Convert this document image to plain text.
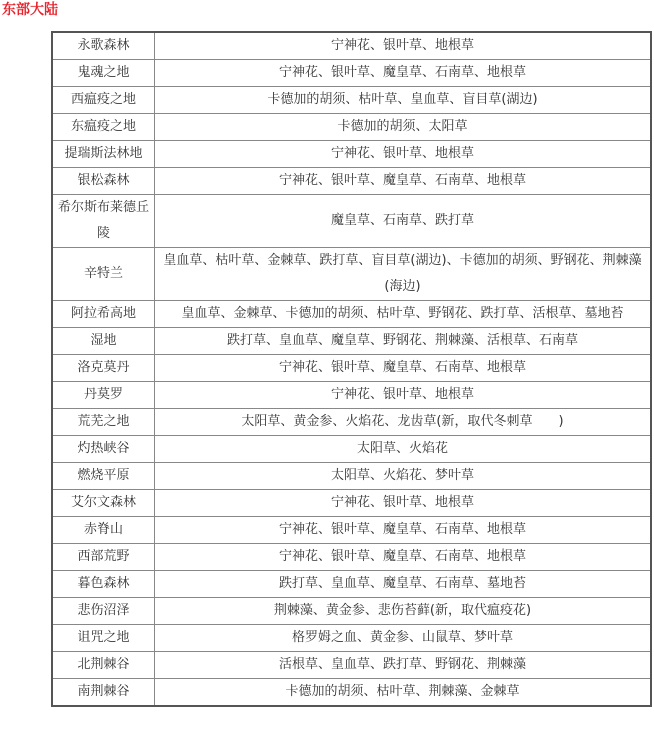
东部大陆
永歌森林	宁神花、银叶草、地根草
鬼魂之地	宁神花、银叶草、魔皇草、石南草、地根草
西瘟疫之地	卡德加的胡须、枯叶草、皇血草、盲目草(湖边)
东瘟疫之地	卡德加的胡须、太阳草
提瑞斯法林地	宁神花、银叶草、地根草
银松森林	宁神花、银叶草、魔皇草、石南草、地根草
希尔斯布莱德丘陵	魔皇草、石南草、跌打草
辛特兰	皇血草、枯叶草、金棘草、跌打草、盲目草(湖边)、卡德加的胡须、野钢花、荆棘藻(海边)
阿拉希高地	皇血草、金棘草、卡德加的胡须、枯叶草、野钢花、跌打草、活根草、墓地苔
湿地	跌打草、皇血草、魔皇草、野钢花、荆棘藻、活根草、石南草
洛克莫丹	宁神花、银叶草、魔皇草、石南草、地根草
丹莫罗	宁神花、银叶草、地根草
荒芜之地	太阳草、黄金参、火焰花、龙齿草(新，取代冬刺草　　)
灼热峡谷	太阳草、火焰花
燃烧平原	太阳草、火焰花、梦叶草
艾尔文森林	宁神花、银叶草、地根草
赤脊山	宁神花、银叶草、魔皇草、石南草、地根草
西部荒野	宁神花、银叶草、魔皇草、石南草、地根草
暮色森林	跌打草、皇血草、魔皇草、石南草、墓地苔
悲伤沼泽	荆棘藻、黄金参、悲伤苔藓(新，取代瘟疫花)
诅咒之地	格罗姆之血、黄金参、山鼠草、梦叶草
北荆棘谷	活根草、皇血草、跌打草、野钢花、荆棘藻
南荆棘谷	卡德加的胡须、枯叶草、荆棘藻、金棘草
